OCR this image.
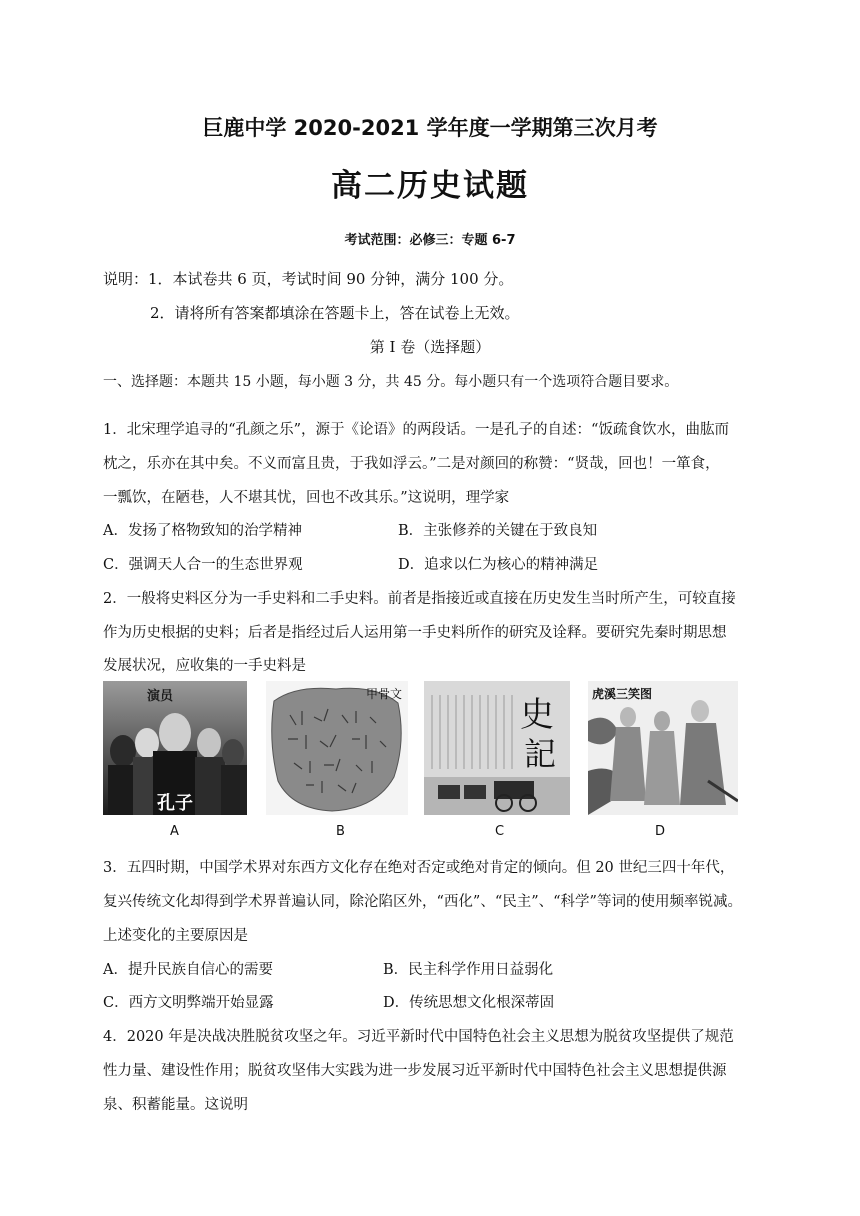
巨鹿中学 2020-2021 学年度一学期第三次月考
高二历史试题
考试范围：必修三：专题 6-7
说明：1．本试卷共 6 页，考试时间 90 分钟，满分 100 分。
2．请将所有答案都填涂在答题卡上，答在试卷上无效。
第 I 卷（选择题）
一、选择题：本题共 15 小题，每小题 3 分，共 45 分。每小题只有一个选项符合题目要求。
1．北宋理学追寻的“孔颜之乐”，源于《论语》的两段话。一是孔子的自述：“饭疏食饮水，曲肱而
枕之，乐亦在其中矣。不义而富且贵，于我如浮云。”二是对颜回的称赞：“贤哉，回也！一箪食，
一瓢饮，在陋巷，人不堪其忧，回也不改其乐。”这说明，理学家
A．发扬了格物致知的治学精神	B．主张修养的关键在于致良知
C．强调天人合一的生态世界观	D．追求以仁为核心的精神满足
2．一般将史料区分为一手史料和二手史料。前者是指接近或直接在历史发生当时所产生，可较直接
作为历史根据的史料；后者是指经过后人运用第一手史料所作的研究及诠释。要研究先秦时期思想
发展状况，应收集的一手史料是
演员
孔子
甲骨文
史
記
虎溪三笑图
A	B	C	D
3．五四时期，中国学术界对东西方文化存在绝对否定或绝对肯定的倾向。但 20 世纪三四十年代，
复兴传统文化却得到学术界普遍认同，除沦陷区外，“西化”、“民主”、“科学”等词的使用频率锐减。
上述变化的主要原因是
A．提升民族自信心的需要	B．民主科学作用日益弱化
C．西方文明弊端开始显露	D．传统思想文化根深蒂固
4．2020 年是决战决胜脱贫攻坚之年。习近平新时代中国特色社会主义思想为脱贫攻坚提供了规范
性力量、建设性作用；脱贫攻坚伟大实践为进一步发展习近平新时代中国特色社会主义思想提供源
泉、积蓄能量。这说明
